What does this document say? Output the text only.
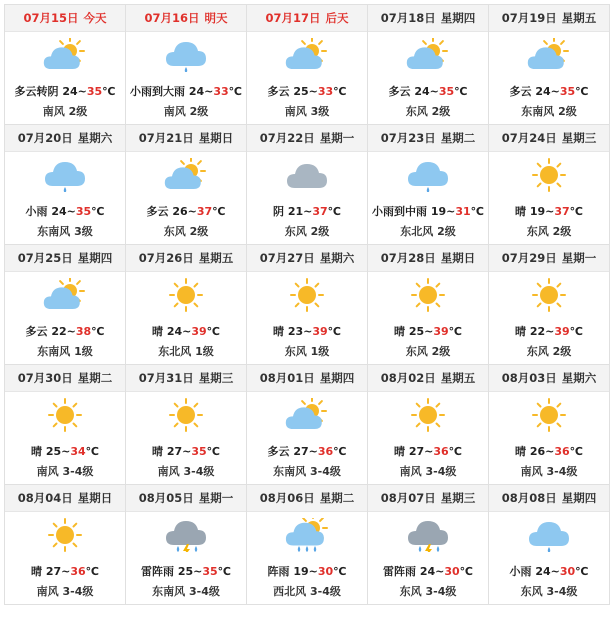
07月15日 今天
多云转阴 24~35℃
南风 2级
07月16日 明天
小雨到大雨 24~33℃
南风 2级
07月17日 后天
多云 25~33℃
南风 3级
07月18日 星期四
多云 24~35℃
东风 2级
07月19日 星期五
多云 24~35℃
东南风 2级
07月20日 星期六
小雨 24~35℃
东南风 3级
07月21日 星期日
多云 26~37℃
东风 2级
07月22日 星期一
阴 21~37℃
东风 2级
07月23日 星期二
小雨到中雨 19~31℃
东北风 2级
07月24日 星期三
晴 19~37℃
东风 2级
07月25日 星期四
多云 22~38℃
东南风 1级
07月26日 星期五
晴 24~39℃
东北风 1级
07月27日 星期六
晴 23~39℃
东风 1级
07月28日 星期日
晴 25~39℃
东风 2级
07月29日 星期一
晴 22~39℃
东风 2级
07月30日 星期二
晴 25~34℃
南风 3-4级
07月31日 星期三
晴 27~35℃
南风 3-4级
08月01日 星期四
多云 27~36℃
东南风 3-4级
08月02日 星期五
晴 27~36℃
南风 3-4级
08月03日 星期六
晴 26~36℃
南风 3-4级
08月04日 星期日
晴 27~36℃
南风 3-4级
08月05日 星期一
雷阵雨 25~35℃
东南风 3-4级
08月06日 星期二
阵雨 19~30℃
西北风 3-4级
08月07日 星期三
雷阵雨 24~30℃
东风 3-4级
08月08日 星期四
小雨 24~30℃
东风 3-4级
